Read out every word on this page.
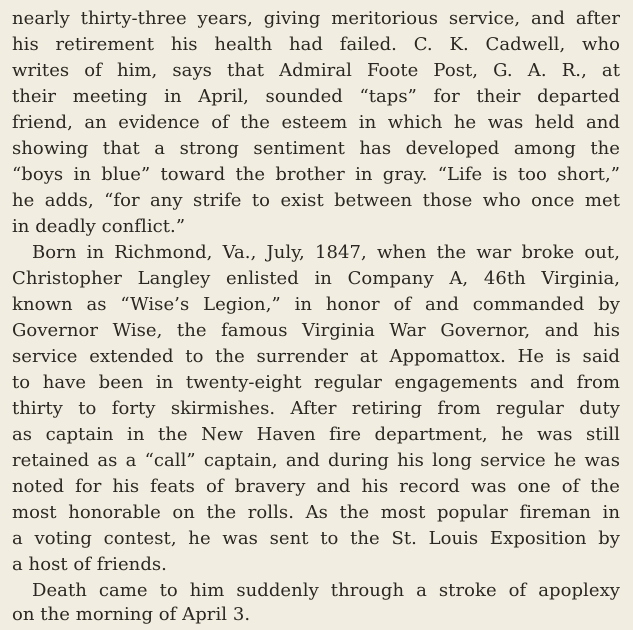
nearly thirty-three years, giving meritorious service, and after
his retirement his health had failed. C. K. Cadwell, who
writes of him, says that Admiral Foote Post, G. A. R., at
their meeting in April, sounded “taps” for their departed
friend, an evidence of the esteem in which he was held and
showing that a strong sentiment has developed among the
“boys in blue” toward the brother in gray. “Life is too short,”
he adds, “for any strife to exist between those who once met
in deadly conflict.”
Born in Richmond, Va., July, 1847, when the war broke out,
Christopher Langley enlisted in Company A, 46th Virginia,
known as “Wise’s Legion,” in honor of and commanded by
Governor Wise, the famous Virginia War Governor, and his
service extended to the surrender at Appomattox. He is said
to have been in twenty-eight regular engagements and from
thirty to forty skirmishes. After retiring from regular duty
as captain in the New Haven fire department, he was still
retained as a “call” captain, and during his long service he was
noted for his feats of bravery and his record was one of the
most honorable on the rolls. As the most popular fireman in
a voting contest, he was sent to the St. Louis Exposition by
a host of friends.
Death came to him suddenly through a stroke of apoplexy
on the morning of April 3.
